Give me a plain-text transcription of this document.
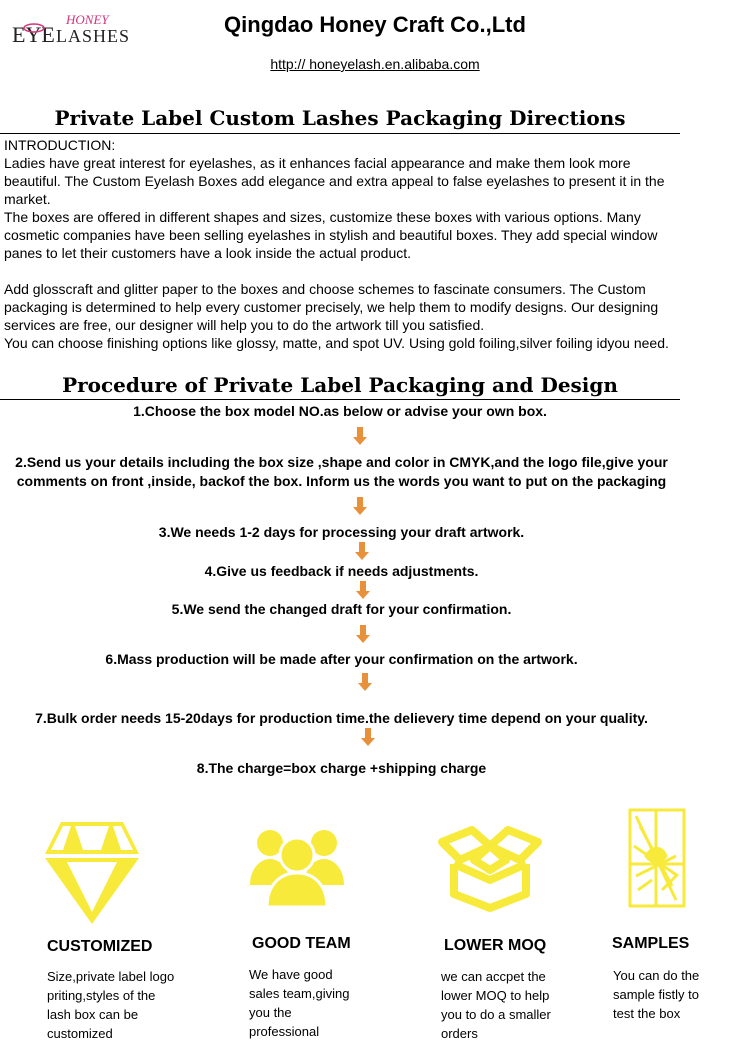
EYE
HONEY
LASHES	Qingdao Honey Craft Co.,Ltd
http:// honeyelash.en.alibaba.com
Private Label Custom Lashes Packaging Directions
INTRODUCTION:
Ladies have great interest for eyelashes, as it enhances facial appearance and make them look more beautiful. The Custom Eyelash Boxes add elegance and extra appeal to false eyelashes to present it in the market.
The boxes are offered in different shapes and sizes, customize these boxes with various options. Many cosmetic companies have been selling eyelashes in stylish and beautiful boxes. They add special window panes to let their customers have a look inside the actual product.
Add glosscraft and glitter paper to the boxes and choose schemes to fascinate consumers. The Custom packaging is determined to help every customer precisely, we help them to modify designs. Our designing services are free, our designer will help you to do the artwork till you satisfied.
You can choose finishing options like glossy, matte, and spot UV. Using gold foiling,silver foiling idyou need.
Procedure of Private Label Packaging and Design
1.Choose the box model NO.as below or advise your own box.
2.Send us your details including the box size ,shape and color in CMYK,and the logo file,give your comments on front ,inside, backof the box. Inform us the words you want to put on the packaging
3.We needs 1-2 days for processing your draft artwork.
4.Give us feedback if needs adjustments.
5.We send the changed draft for your confirmation.
6.Mass production will be made after your confirmation on the artwork.
7.Bulk order needs 15-20days for production time.the delievery time depend on your quality.
8.The charge=box charge +shipping charge
CUSTOMIZED
Size,private label logo priting,styles of the lash box can be customized
GOOD TEAM
We have good sales team,giving you the professional
LOWER MOQ
we can accpet the lower MOQ to help you to do a smaller orders
SAMPLES
You can do the sample fistly to test the box
